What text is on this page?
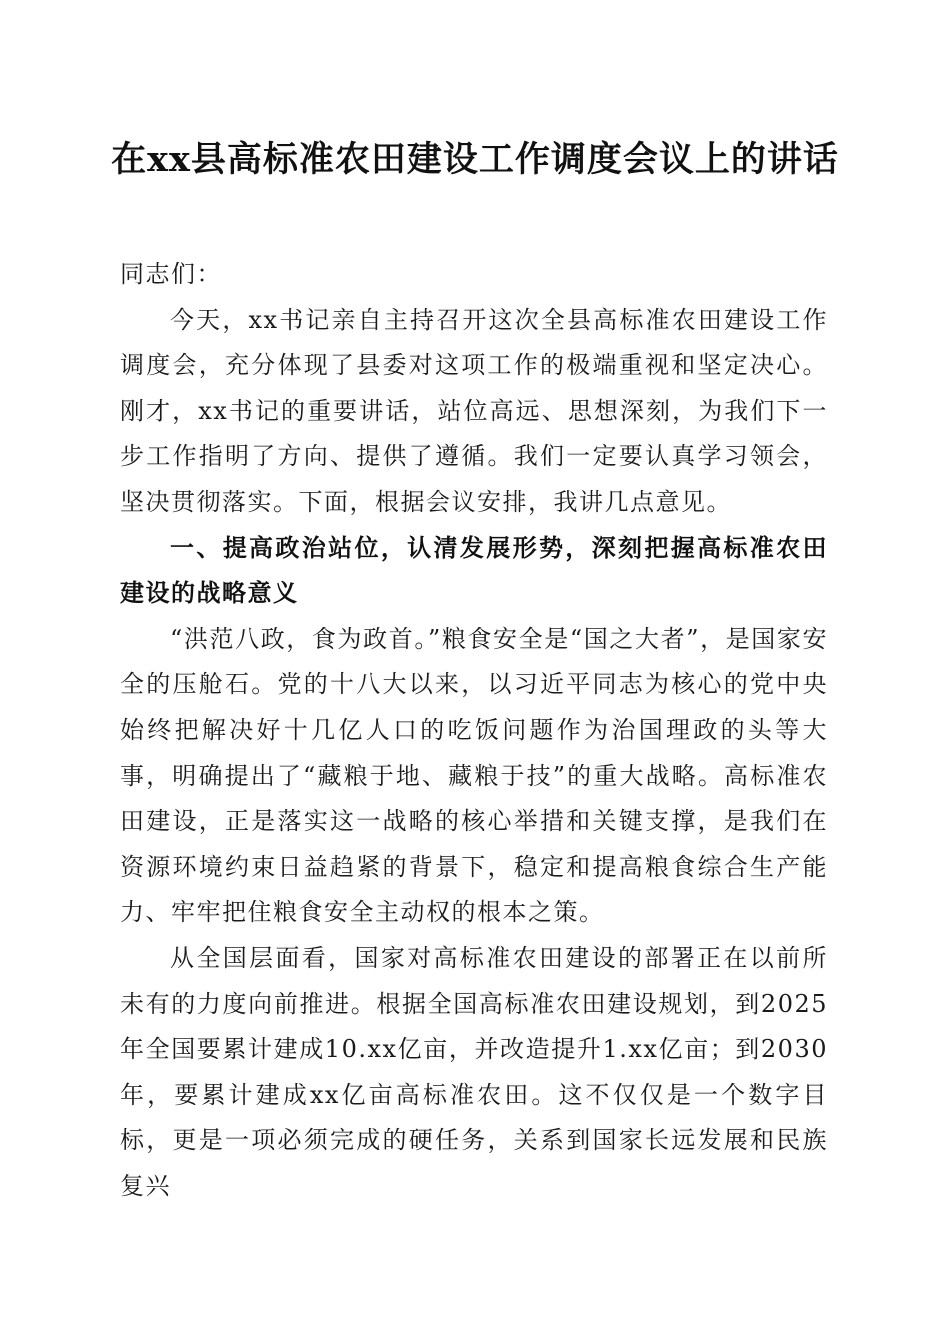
在xx县高标准农田建设工作调度会议上的讲话

同志们：

今天，xx书记亲自主持召开这次全县高标准农田建设工作调度会，充分体现了县委对这项工作的极端重视和坚定决心。刚才，xx书记的重要讲话，站位高远、思想深刻，为我们下一步工作指明了方向、提供了遵循。我们一定要认真学习领会，坚决贯彻落实。下面，根据会议安排，我讲几点意见。

一、提高政治站位，认清发展形势，深刻把握高标准农田建设的战略意义

“洪范八政，食为政首。”粮食安全是“国之大者”，是国家安全的压舱石。党的十八大以来，以习近平同志为核心的党中央始终把解决好十几亿人口的吃饭问题作为治国理政的头等大事，明确提出了“藏粮于地、藏粮于技”的重大战略。高标准农田建设，正是落实这一战略的核心举措和关键支撑，是我们在资源环境约束日益趋紧的背景下，稳定和提高粮食综合生产能力、牢牢把住粮食安全主动权的根本之策。

从全国层面看，国家对高标准农田建设的部署正在以前所未有的力度向前推进。根据全国高标准农田建设规划，到2025年全国要累计建成10.xx亿亩，并改造提升1.xx亿亩；到2030年，要累计建成xx亿亩高标准农田。这不仅仅是一个数字目标，更是一项必须完成的硬任务，关系到国家长远发展和民族复兴
